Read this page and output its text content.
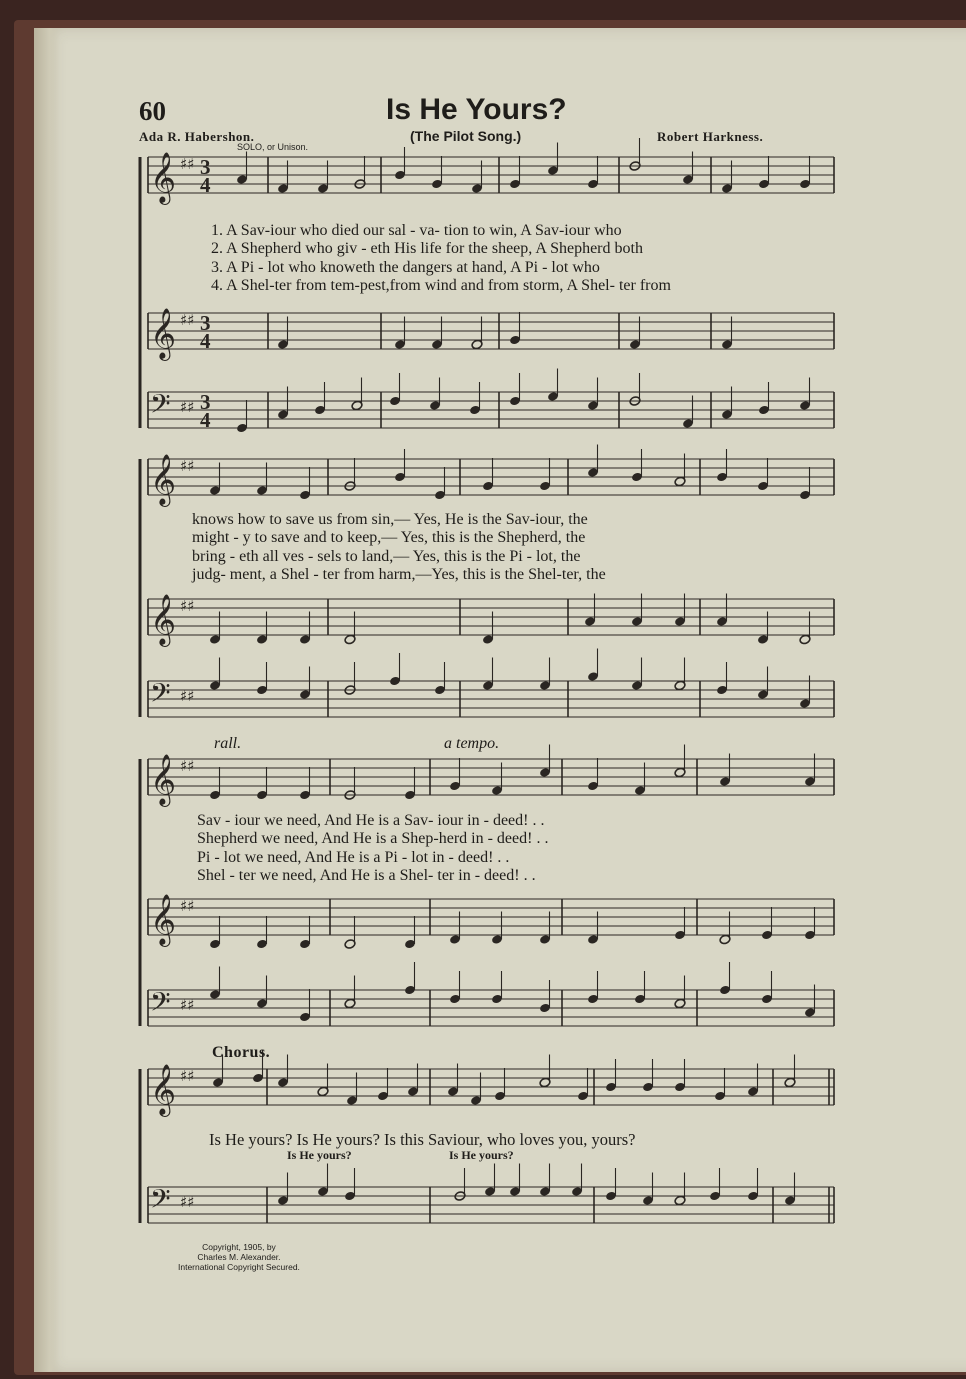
60	Is He Yours?
Ada R. Habershon.	(The Pilot Song.)	Robert Harkness.
SOLO, or Unison.
𝄞 ♯♯ 3
4
𝄞 ♯♯ 3
4
𝄢 ♯♯ 3
4
𝄞 ♯♯
𝄞 ♯♯
𝄢 ♯♯
𝄞 ♯♯
𝄞 ♯♯
𝄢 ♯♯
𝄞 ♯♯
𝄢 ♯♯
1. A Sav-iour who died our sal - va- tion to win, A Sav-iour who
2. A Shepherd who giv - eth His life for the sheep, A Shepherd both
3. A Pi - lot who knoweth the dangers at hand, A Pi - lot who
4. A Shel-ter from tem-pest,from wind and from storm, A Shel- ter from
knows how to save us from sin,— Yes, He is the Sav-iour, the
might - y to save and to keep,— Yes, this is the Shepherd, the
bring - eth all ves - sels to land,— Yes, this is the Pi - lot, the
judg- ment, a Shel - ter from harm,—Yes, this is the Shel-ter, the
rall.	a tempo.
Sav - iour we need, And He is a Sav- iour in - deed! . .
Shepherd we need, And He is a Shep-herd in - deed! . .
Pi - lot we need, And He is a Pi - lot in - deed! . .
Shel - ter we need, And He is a Shel- ter in - deed! . .
Chorus.
Is He yours? Is He yours? Is this Saviour, who loves you, yours?
Is He yours?	Is He yours?
Copyright, 1905, by
Charles M. Alexander.
International Copyright Secured.
